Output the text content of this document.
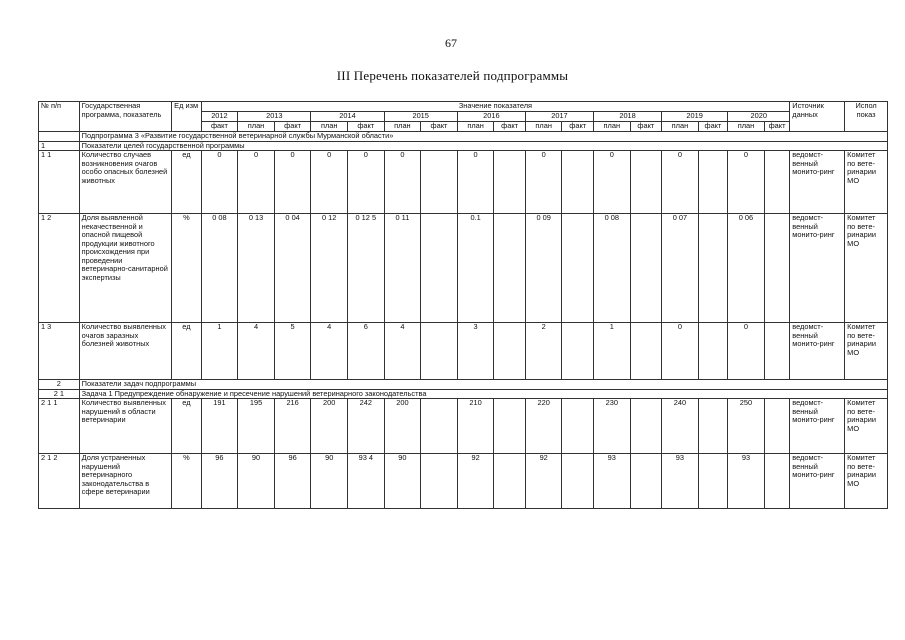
67
III Перечень показателей подпрограммы
№ п/п	Государственная программа, показатель	Ед изм	Значение показателя																	Источник данных	Испол показ
			2012	2013		2014		2015		2016		2017		2018		2019		2020			
			факт	план	факт	план	факт	план	факт	план	факт	план	факт	план	факт	план	факт	план	факт		
	Подпрограмма 3 «Развитие государственной ветеринарной службы Мурманской области»																				
1	Показатели целей государственной программы																				
1 1	Количество случаев возникновения очагов особо опасных болезней животных	ед	0	0	0	0	0	0		0		0		0		0		0		ведомст-венный монито-ринг	Комитет по вете-ринарии МО
1 2	Доля выявленной некачественной и опасной пищевой продукции животного происхождения при проведении ветеринарно-санитарной экспертизы	%	0 08	0 13	0 04	0 12	0 12 5	0 11		0.1		0 09		0 08		0 07		0 06		ведомст-венный монито-ринг	Комитет по вете-ринарии МО
1 3	Количество выявленных очагов заразных болезней животных	ед	1	4	5	4	6	4		3		2		1		0		0		ведомст-венный монито-ринг	Комитет по вете-ринарии МО
2	Показатели задач подпрограммы																				
2 1	Задача 1 Предупреждение обнаружение и пресечение нарушений ветеринарного законодательства																				
2 1 1	Количество выявленных нарушений в области ветеринарии	ед	191	195	216	200	242	200		210		220		230		240		250		ведомст-венный монито-ринг	Комитет по вете-ринарии МО
2 1 2	Доля устраненных нарушений ветеринарного законодательства в сфере ветеринарии	%	96	90	96	90	93 4	90		92		92		93		93		93		ведомст-венный монито-ринг	Комитет по вете-ринарии МО
